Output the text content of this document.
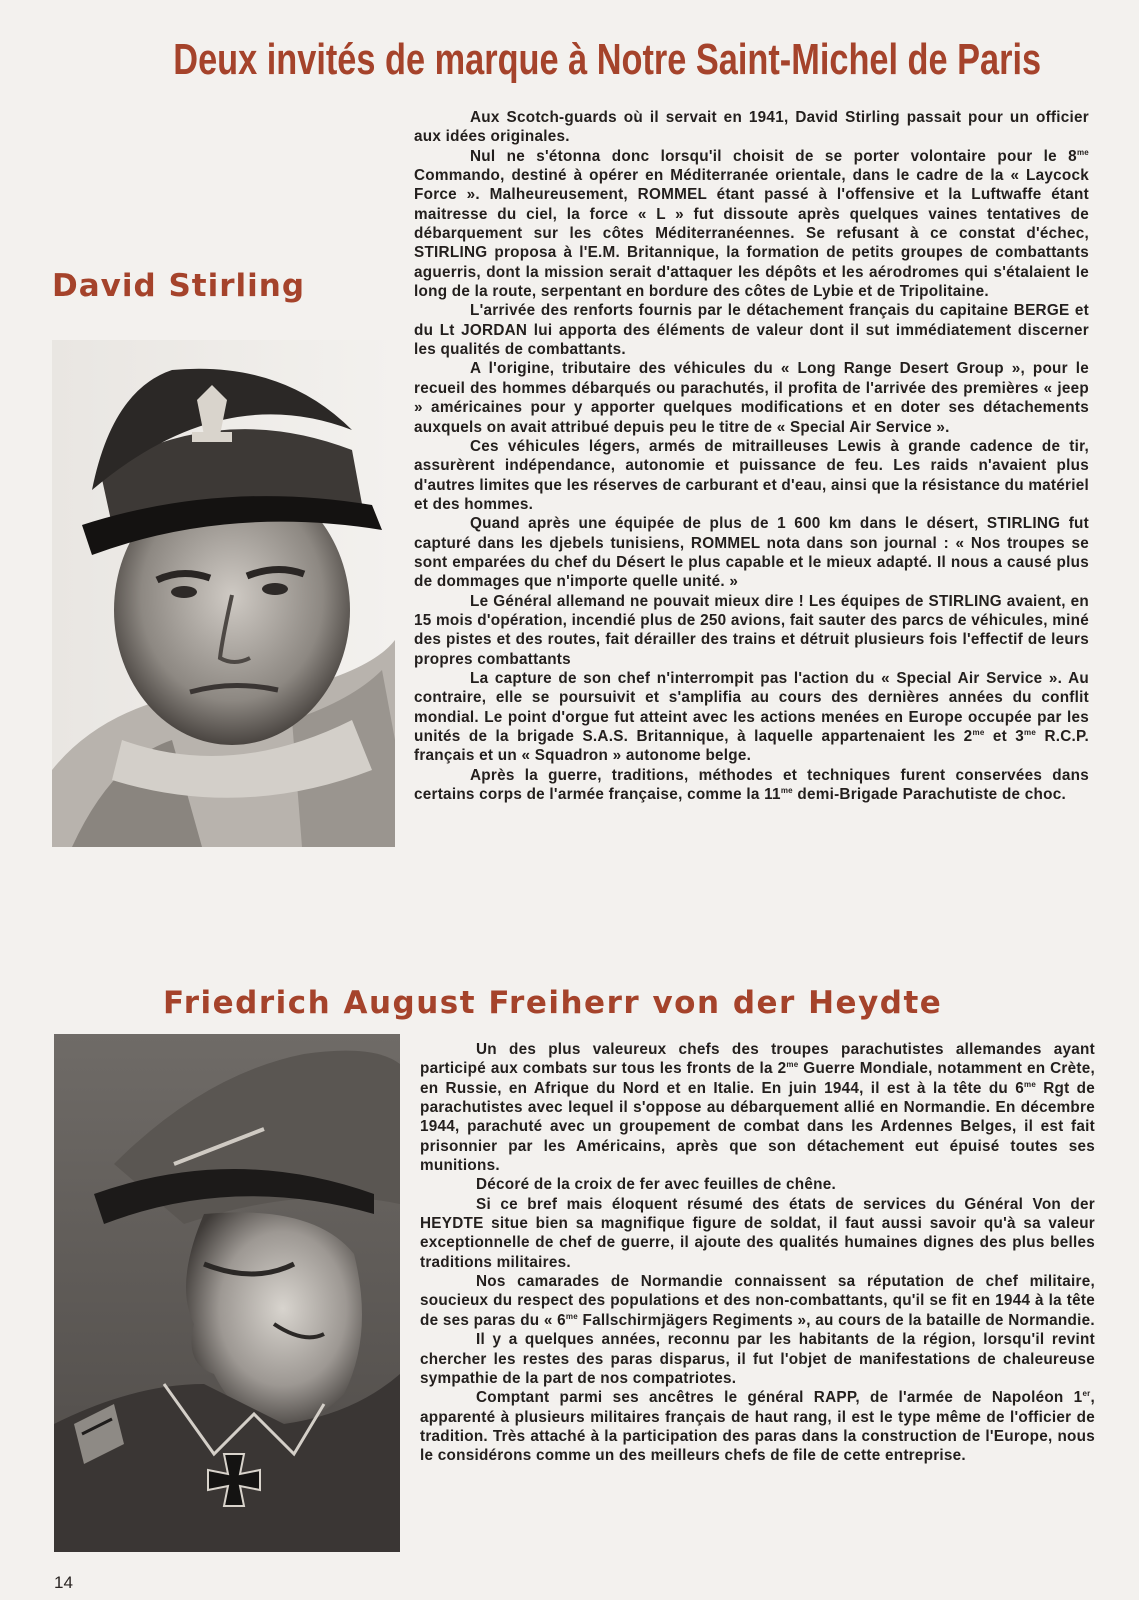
Deux invités de marque à Notre Saint-Michel de Paris
David Stirling

Aux Scotch-guards où il servait en 1941, David Stirling passait pour un officier aux idées originales.

Nul ne s'étonna donc lorsqu'il choisit de se porter volontaire pour le $8^{me}$ Commando, destiné à opérer en Méditerranée orientale, dans le cadre de la « Laycock Force ». Malheureusement, ROMMEL étant passé à l'offensive et la Luftwaffe étant maitresse du ciel, la force « L » fut dissoute après quelques vaines tentatives de débarquement sur les côtes Méditerranéennes. Se refusant à ce constat d'échec, STIRLING proposa à l'E.M. Britannique, la formation de petits groupes de combattants aguerris, dont la mission serait d'attaquer les dépôts et les aérodromes qui s'étalaient le long de la route, serpentant en bordure des côtes de Lybie et de Tripolitaine.

L'arrivée des renforts fournis par le détachement français du capitaine BERGE et du Lt JORDAN lui apporta des éléments de valeur dont il sut immédiatement discerner les qualités de combattants.

A l'origine, tributaire des véhicules du « Long Range Desert Group », pour le recueil des hommes débarqués ou parachutés, il profita de l'arrivée des premières « jeep » américaines pour y apporter quelques modifications et en doter ses détachements auxquels on avait attribué depuis peu le titre de « Special Air Service ».

Ces véhicules légers, armés de mitrailleuses Lewis à grande cadence de tir, assurèrent indépendance, autonomie et puissance de feu. Les raids n'avaient plus d'autres limites que les réserves de carburant et d'eau, ainsi que la résistance du matériel et des hommes.

Quand après une équipée de plus de 1 600 km dans le désert, STIRLING fut capturé dans les djebels tunisiens, ROMMEL nota dans son journal : « Nos troupes se sont emparées du chef du Désert le plus capable et le mieux adapté. Il nous a causé plus de dommages que n'importe quelle unité. »

Le Général allemand ne pouvait mieux dire ! Les équipes de STIRLING avaient, en 15 mois d'opération, incendié plus de 250 avions, fait sauter des parcs de véhicules, miné des pistes et des routes, fait dérailler des trains et détruit plusieurs fois l'effectif de leurs propres combattants

La capture de son chef n'interrompit pas l'action du « Special Air Service ». Au contraire, elle se poursuivit et s'amplifia au cours des dernières années du conflit mondial. Le point d'orgue fut atteint avec les actions menées en Europe occupée par les unités de la brigade S.A.S. Britannique, à laquelle appartenaient les $2^{me}$ et $3^{me}$ R.C.P. français et un « Squadron » autonome belge.

Après la guerre, traditions, méthodes et techniques furent conservées dans certains corps de l'armée française, comme la $11^{me}$ demi-Brigade Parachutiste de choc.

Friedrich August Freiherr von der Heydte

Un des plus valeureux chefs des troupes parachutistes allemandes ayant participé aux combats sur tous les fronts de la $2^{me}$ Guerre Mondiale, notamment en Crète, en Russie, en Afrique du Nord et en Italie. En juin 1944, il est à la tête du $6^{me}$ Rgt de parachutistes avec lequel il s'oppose au débarquement allié en Normandie. En décembre 1944, parachuté avec un groupement de combat dans les Ardennes Belges, il est fait prisonnier par les Américains, après que son détachement eut épuisé toutes ses munitions.

Décoré de la croix de fer avec feuilles de chêne.

Si ce bref mais éloquent résumé des états de services du Général Von der HEYDTE situe bien sa magnifique figure de soldat, il faut aussi savoir qu'à sa valeur exceptionnelle de chef de guerre, il ajoute des qualités humaines dignes des plus belles traditions militaires.

Nos camarades de Normandie connaissent sa réputation de chef militaire, soucieux du respect des populations et des non-combattants, qu'il se fit en 1944 à la tête de ses paras du « $6^{me}$ Fallschirmjägers Regiments », au cours de la bataille de Normandie.

Il y a quelques années, reconnu par les habitants de la région, lorsqu'il revint chercher les restes des paras disparus, il fut l'objet de manifestations de chaleureuse sympathie de la part de nos compatriotes.

Comptant parmi ses ancêtres le général RAPP, de l'armée de Napoléon 1er, apparenté à plusieurs militaires français de haut rang, il est le type même de l'officier de tradition. Très attaché à la participation des paras dans la construction de l'Europe, nous le considérons comme un des meilleurs chefs de file de cette entreprise.

14
